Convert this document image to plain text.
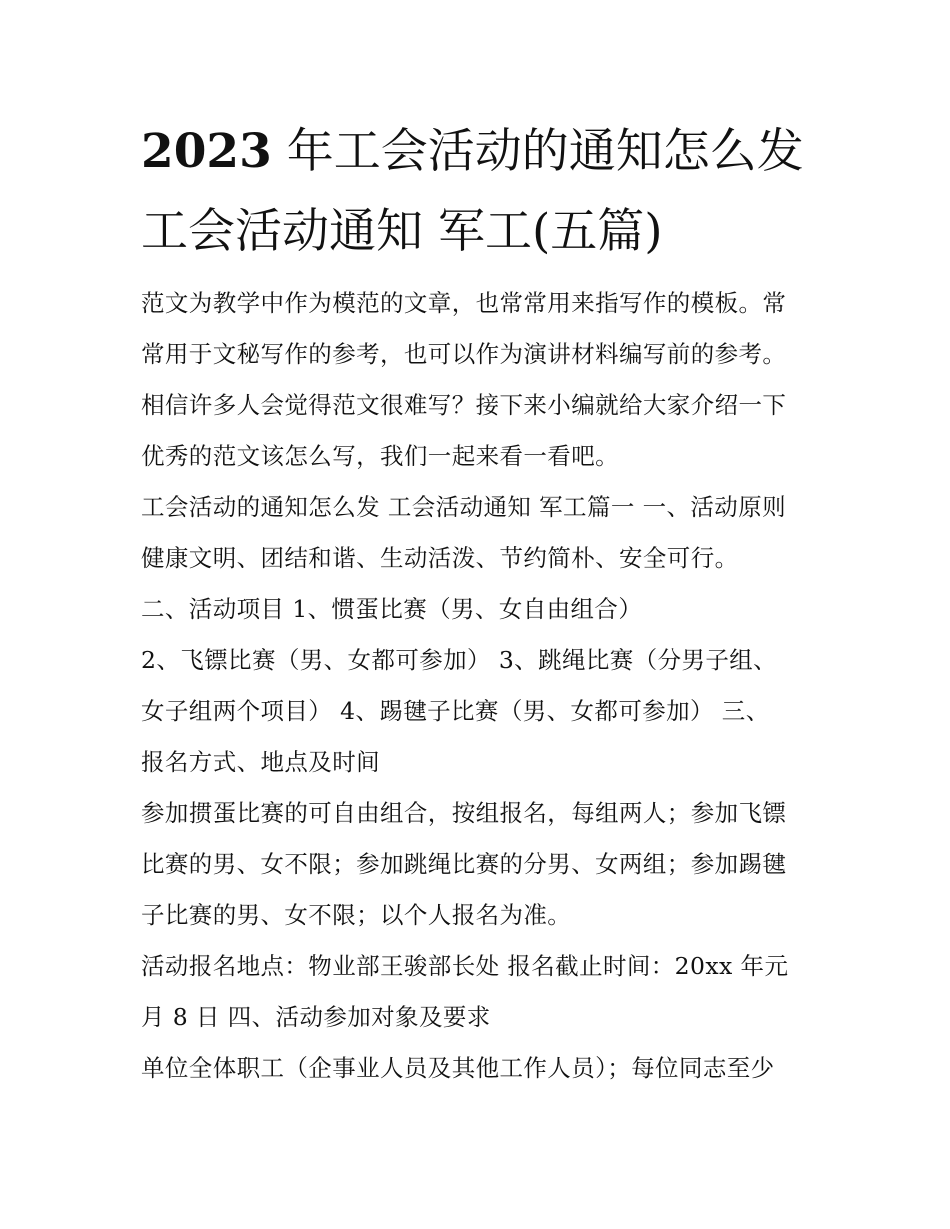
2023 年工会活动的通知怎么发
工会活动通知 军工(五篇)
范文为教学中作为模范的文章，也常常用来指写作的模板。常
常用于文秘写作的参考，也可以作为演讲材料编写前的参考。
相信许多人会觉得范文很难写？接下来小编就给大家介绍一下
优秀的范文该怎么写，我们一起来看一看吧。
工会活动的通知怎么发 工会活动通知 军工篇一 一、活动原则
健康文明、团结和谐、生动活泼、节约简朴、安全可行。
二、活动项目 1、惯蛋比赛（男、女自由组合）
2、飞镖比赛（男、女都可参加） 3、跳绳比赛（分男子组、
女子组两个项目） 4、踢毽子比赛（男、女都可参加） 三、
报名方式、地点及时间
参加掼蛋比赛的可自由组合，按组报名，每组两人；参加飞镖
比赛的男、女不限；参加跳绳比赛的分男、女两组；参加踢毽
子比赛的男、女不限；以个人报名为准。
活动报名地点：物业部王骏部长处 报名截止时间：20xx 年元
月 8 日 四、活动参加对象及要求
单位全体职工（企事业人员及其他工作人员）；每位同志至少
